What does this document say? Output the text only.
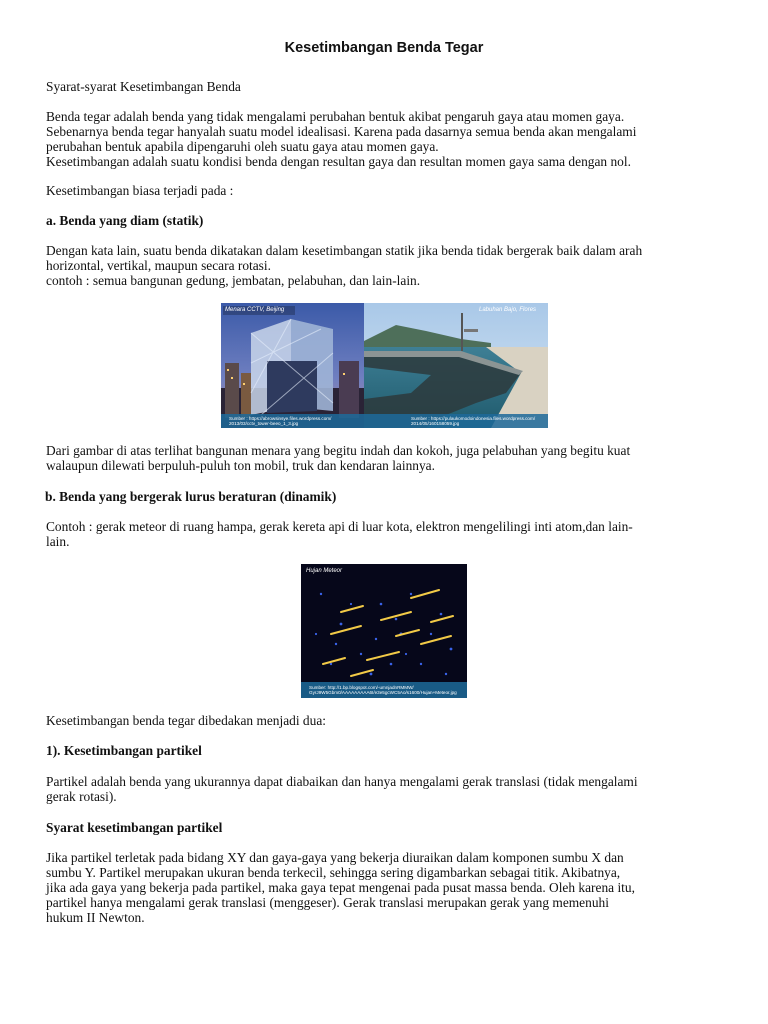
Kesetimbangan Benda Tegar

Syarat-syarat Kesetimbangan Benda

Benda tegar adalah benda yang tidak mengalami perubahan bentuk akibat pengaruh gaya atau momen gaya.
Sebenarnya benda tegar hanyalah suatu model idealisasi. Karena pada dasarnya semua benda akan mengalami
perubahan bentuk apabila dipengaruhi oleh suatu gaya atau momen gaya.
Kesetimbangan adalah suatu kondisi benda dengan resultan gaya dan resultan momen gaya sama dengan nol.

Kesetimbangan biasa terjadi pada :

a. Benda yang diam (statik)

Dengan kata lain, suatu benda dikatakan dalam kesetimbangan statik jika benda tidak bergerak baik dalam arah
horizontal, vertikal, maupun secara rotasi.
contoh : semua bangunan gedung, jembatan, pelabuhan, dan lain-lain.

Menara CCTV, Beijing	Labuhan Bajo, Flores
Sumber : https://abrowsinsye.files.wordpress.com/ 2013/03/cctv_tower-beeo_1_3.jpg
Sumber : https://pulaukomodoindonesia.files.wordpress.com/ 2014/05/160158059.jpg

Dari gambar di atas terlihat bangunan menara yang begitu indah dan kokoh, juga pelabuhan yang begitu kuat
walaupun dilewati berpuluh-puluh ton mobil, truk dan kendaran lainnya.

b. Benda yang bergerak lurus beraturan (dinamik)

Contoh : gerak meteor di ruang hampa, gerak kereta api di luar kota, elektron mengelilingi inti atom,dan lain-
lain.

Hujan Meteor
Sumber: http://1.bp.blogspot.com/-umnjadnRMMW/ GyrJ9W5Gbm0/AAAAAAAAA6I/e3e5gcWC5Ao/s1600/Hujan+Meteor.jpg

Kesetimbangan benda tegar dibedakan menjadi dua:

1). Kesetimbangan partikel

Partikel adalah benda yang ukurannya dapat diabaikan dan hanya mengalami gerak translasi (tidak mengalami
gerak rotasi).

Syarat kesetimbangan partikel

Jika partikel terletak pada bidang XY dan gaya-gaya yang bekerja diuraikan dalam komponen sumbu X dan
sumbu Y. Partikel merupakan ukuran benda terkecil, sehingga sering digambarkan sebagai titik. Akibatnya,
jika ada gaya yang bekerja pada partikel, maka gaya tepat mengenai pada pusat massa benda. Oleh karena itu,
partikel hanya mengalami gerak translasi (menggeser). Gerak translasi merupakan gerak yang memenuhi
hukum II Newton.
